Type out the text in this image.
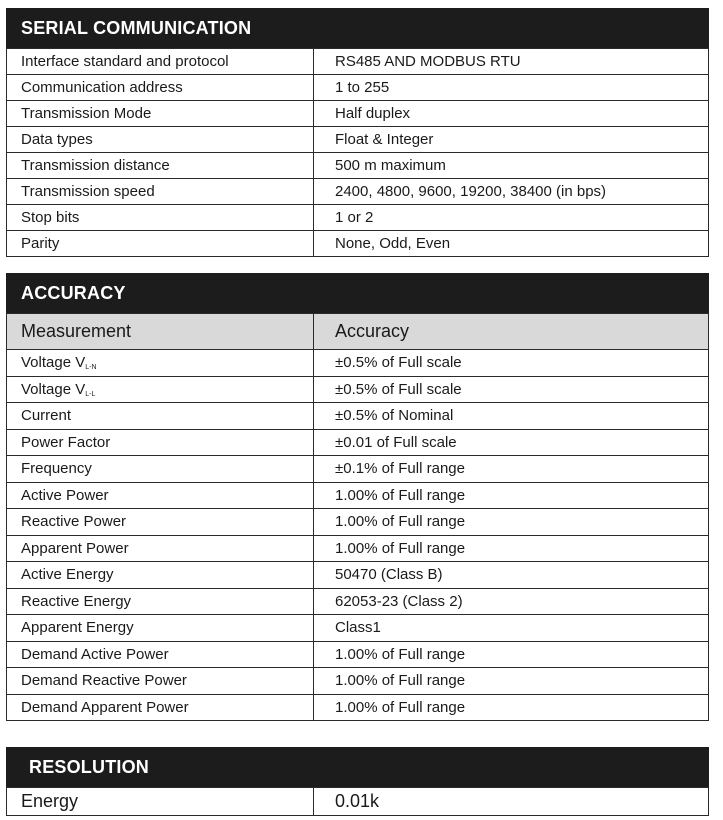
SERIAL COMMUNICATION
Interface standard and protocol	RS485 AND MODBUS RTU
Communication address	1 to 255
Transmission Mode	Half duplex
Data types	Float & Integer
Transmission distance	500 m maximum
Transmission speed	2400, 4800, 9600, 19200, 38400 (in bps)
Stop bits	1 or 2
Parity	None, Odd, Even
ACCURACY
Measurement	Accuracy
Voltage $V_{L-N}$	±0.5% of Full scale
Voltage $V_{L-L}$	±0.5% of Full scale
Current	±0.5% of Nominal
Power Factor	±0.01 of Full scale
Frequency	±0.1% of Full range
Active Power	1.00% of Full range
Reactive Power	1.00% of Full range
Apparent Power	1.00% of Full range
Active Energy	50470 (Class B)
Reactive Energy	62053-23 (Class 2)
Apparent Energy	Class1
Demand Active Power	1.00% of Full range
Demand Reactive Power	1.00% of Full range
Demand Apparent Power	1.00% of Full range
RESOLUTION
Energy	0.01k
